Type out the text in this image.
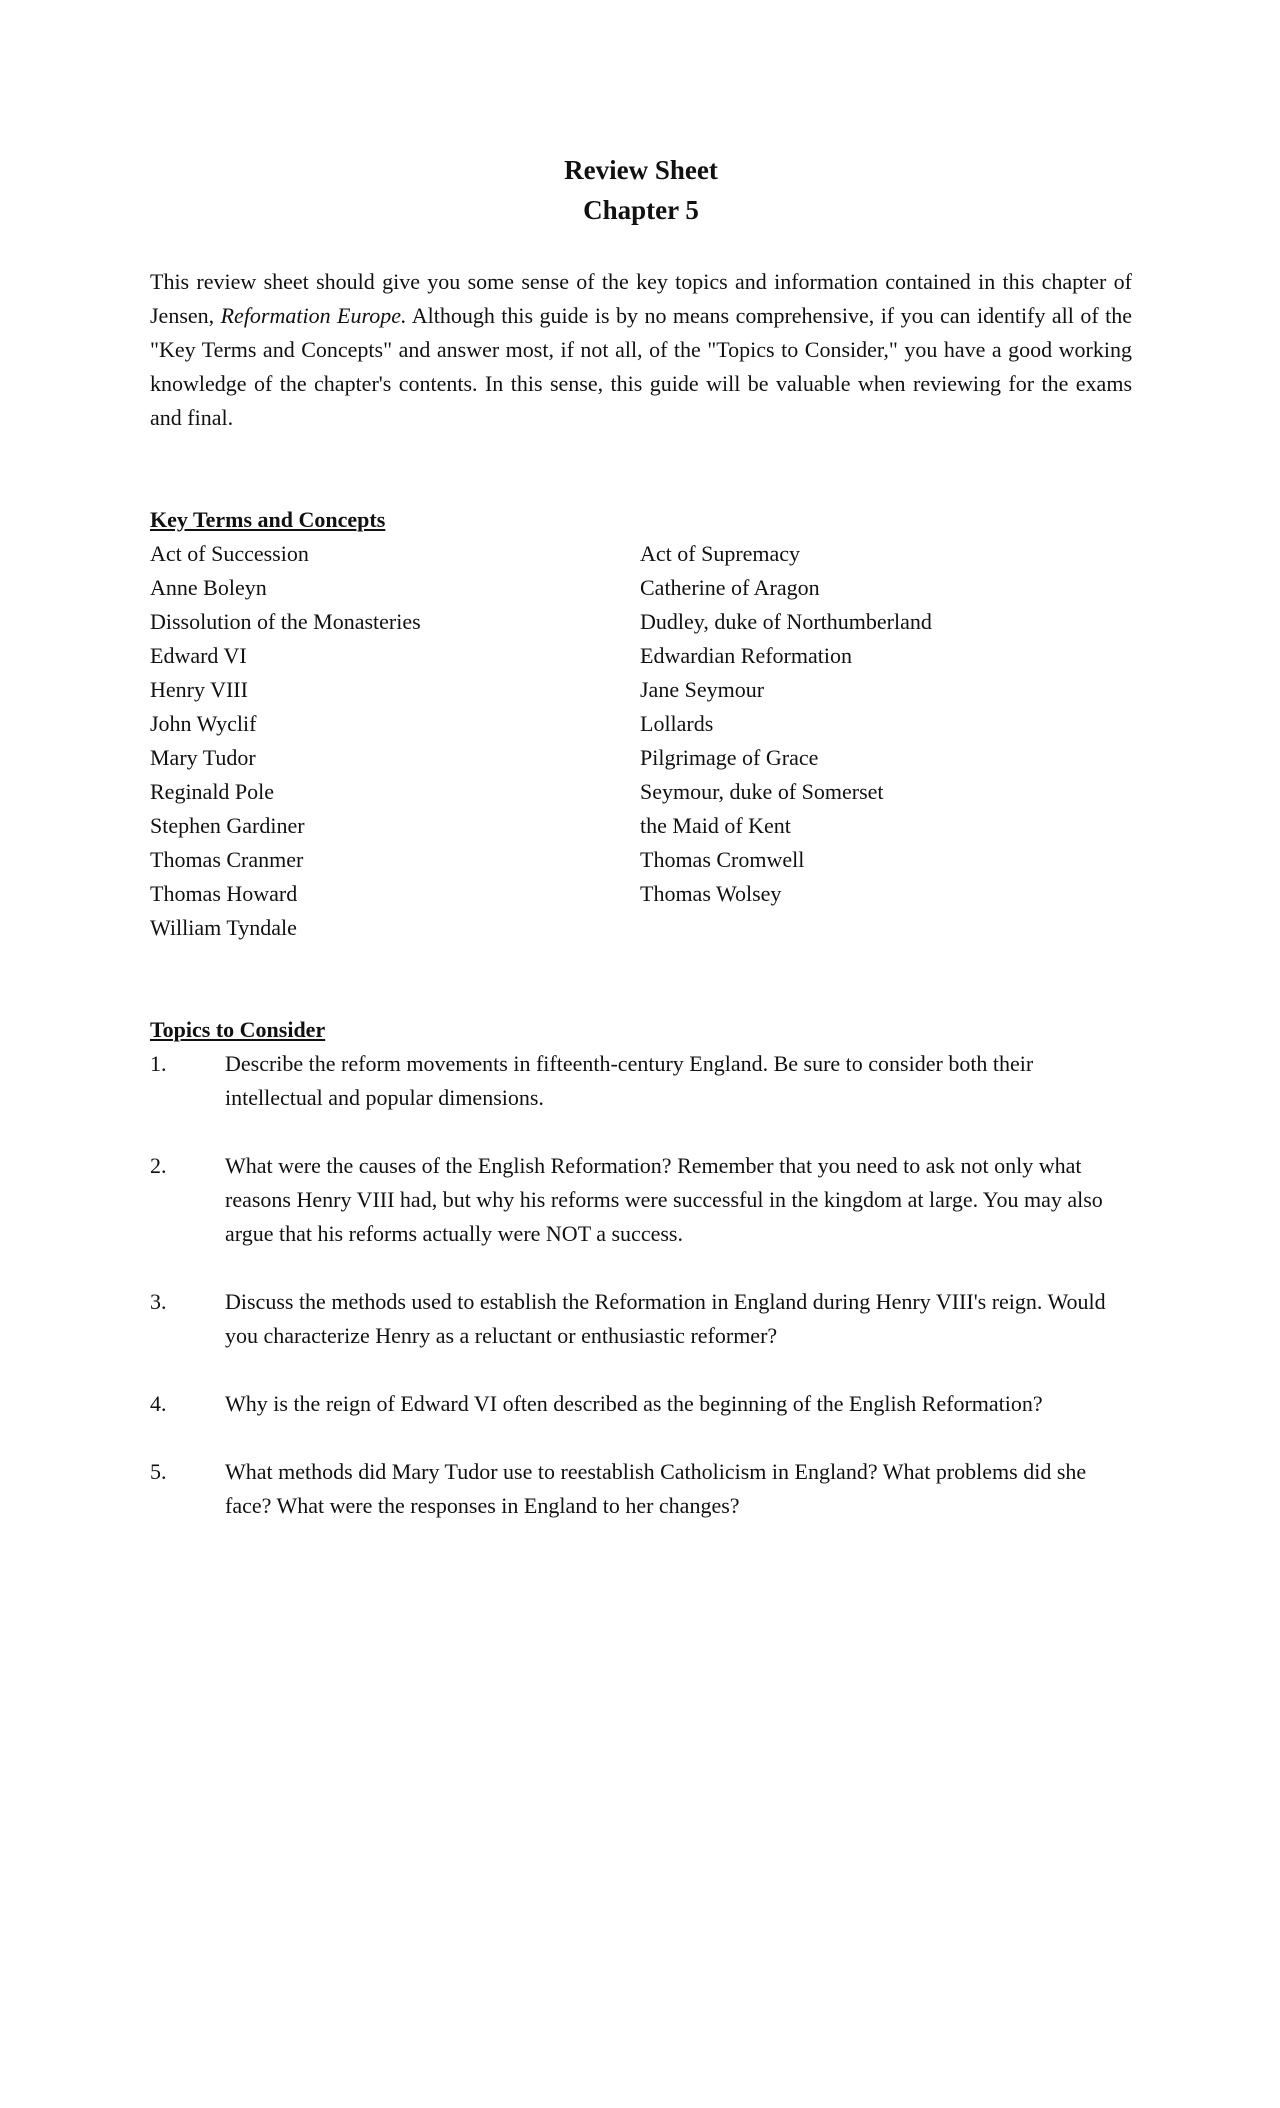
Review Sheet

Chapter 5

This review sheet should give you some sense of the key topics and information contained in this chapter of Jensen, Reformation Europe. Although this guide is by no means comprehensive, if you can identify all of the "Key Terms and Concepts" and answer most, if not all, of the "Topics to Consider," you have a good working knowledge of the chapter's contents. In this sense, this guide will be valuable when reviewing for the exams and final.

Key Terms and Concepts

Act of Succession	Act of Supremacy
Anne Boleyn	Catherine of Aragon
Dissolution of the Monasteries	Dudley, duke of Northumberland
Edward VI	Edwardian Reformation
Henry VIII	Jane Seymour
John Wyclif	Lollards
Mary Tudor	Pilgrimage of Grace
Reginald Pole	Seymour, duke of Somerset
Stephen Gardiner	the Maid of Kent
Thomas Cranmer	Thomas Cromwell
Thomas Howard	Thomas Wolsey
William Tyndale

Topics to Consider

1.	Describe the reform movements in fifteenth-century England. Be sure to consider both their intellectual and popular dimensions.
2.	What were the causes of the English Reformation? Remember that you need to ask not only what reasons Henry VIII had, but why his reforms were successful in the kingdom at large. You may also argue that his reforms actually were NOT a success.
3.	Discuss the methods used to establish the Reformation in England during Henry VIII's reign. Would you characterize Henry as a reluctant or enthusiastic reformer?
4.	Why is the reign of Edward VI often described as the beginning of the English Reformation?
5.	What methods did Mary Tudor use to reestablish Catholicism in England? What problems did she face? What were the responses in England to her changes?
